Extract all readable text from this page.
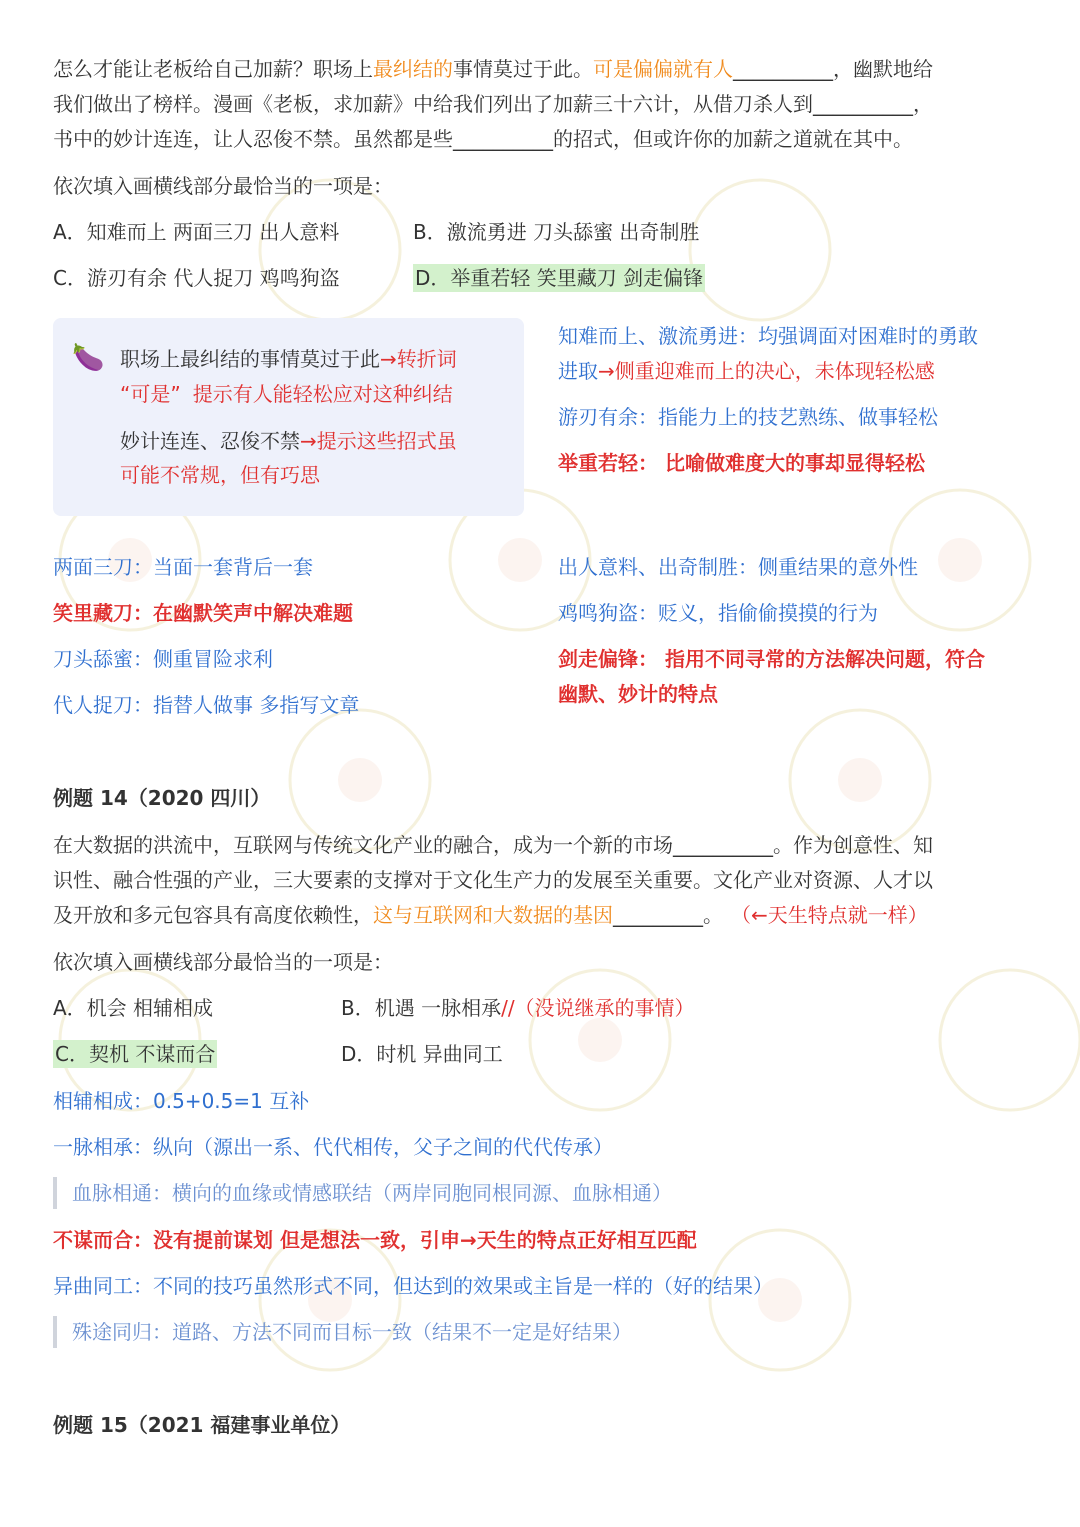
怎么才能让老板给自己加薪？职场上最纠结的事情莫过于此。可是偏偏就有人__________，幽默地给
我们做出了榜样。漫画《老板，求加薪》中给我们列出了加薪三十六计，从借刀杀人到__________，
书中的妙计连连，让人忍俊不禁。虽然都是些__________的招式，但或许你的加薪之道就在其中。
依次填入画横线部分最恰当的一项是：
A．知难而上 两面三刀 出人意料	B．激流勇进 刀头舔蜜 出奇制胜
C．游刃有余 代人捉刀 鸡鸣狗盗	D．举重若轻 笑里藏刀 剑走偏锋
🍆 职场上最纠结的事情莫过于此→转折词
“可是” 提示有人能轻松应对这种纠结
妙计连连、忍俊不禁→提示这些招式虽
可能不常规，但有巧思
知难而上、激流勇进：均强调面对困难时的勇敢
进取→侧重迎难而上的决心，未体现轻松感
游刃有余：指能力上的技艺熟练、做事轻松
举重若轻： 比喻做难度大的事却显得轻松
两面三刀：当面一套背后一套
笑里藏刀：在幽默笑声中解决难题
刀头舔蜜：侧重冒险求利
代人捉刀：指替人做事 多指写文章
出人意料、出奇制胜：侧重结果的意外性
鸡鸣狗盗：贬义，指偷偷摸摸的行为
剑走偏锋： 指用不同寻常的方法解决问题，符合
幽默、妙计的特点
例题 14（2020 四川）
在大数据的洪流中，互联网与传统文化产业的融合，成为一个新的市场__________。作为创意性、知
识性、融合性强的产业，三大要素的支撑对于文化生产力的发展至关重要。文化产业对资源、人才以
及开放和多元包容具有高度依赖性，这与互联网和大数据的基因_________。 （←天生特点就一样）
依次填入画横线部分最恰当的一项是：
A．机会 相辅相成	B．机遇 一脉相承//（没说继承的事情）
C．契机 不谋而合	D．时机 异曲同工
相辅相成：0.5+0.5=1 互补
一脉相承：纵向（源出一系、代代相传，父子之间的代代传承）
血脉相通：横向的血缘或情感联结（两岸同胞同根同源、血脉相通）
不谋而合：没有提前谋划 但是想法一致，引申→天生的特点正好相互匹配
异曲同工：不同的技巧虽然形式不同，但达到的效果或主旨是一样的（好的结果）
殊途同归：道路、方法不同而目标一致（结果不一定是好结果）
例题 15（2021 福建事业单位）
